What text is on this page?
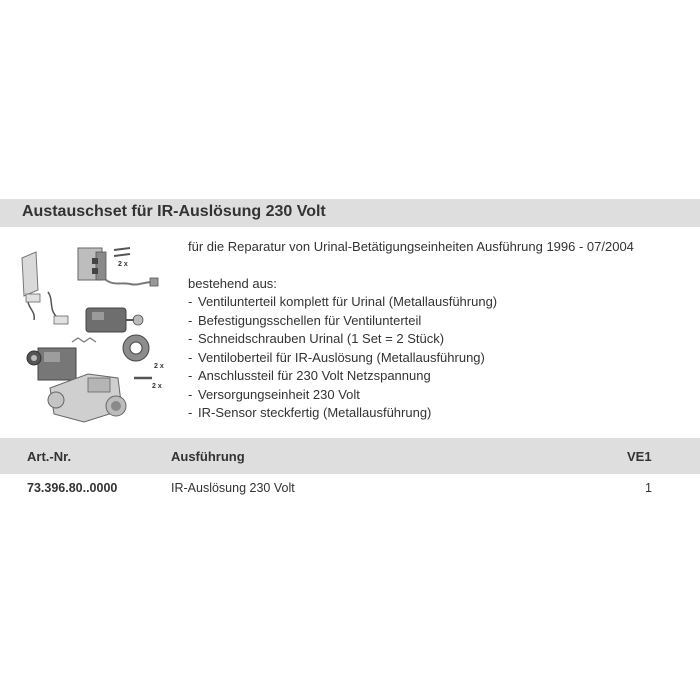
Austauschset für IR-Auslösung 230 Volt
2 x
2 x
2 x
für die Reparatur von Urinal-Betätigungseinheiten Ausführung 1996 - 07/2004
bestehend aus:
- Ventilunterteil komplett für Urinal (Metallausführung)
- Befestigungsschellen für Ventilunterteil
- Schneidschrauben Urinal (1 Set = 2 Stück)
- Ventiloberteil für IR-Auslösung (Metallausführung)
- Anschlussteil für 230 Volt Netzspannung
- Versorgungseinheit 230 Volt
- IR-Sensor steckfertig (Metallausführung)
Art.-Nr.	Ausführung	VE1
73.396.80..0000	IR-Auslösung 230 Volt	1
